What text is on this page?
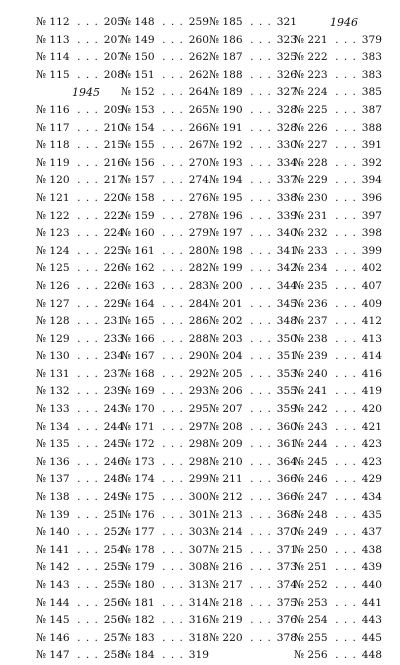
№ 112 . . . 205
№ 113 . . . 207
№ 114 . . . 207
№ 115 . . . 208
1945
№ 116 . . . 209
№ 117 . . . 210
№ 118 . . . 215
№ 119 . . . 216
№ 120 . . . 217
№ 121 . . . 220
№ 122 . . . 222
№ 123 . . . 224
№ 124 . . . 225
№ 125 . . . 226
№ 126 . . . 226
№ 127 . . . 229
№ 128 . . . 231
№ 129 . . . 233
№ 130 . . . 234
№ 131 . . . 237
№ 132 . . . 239
№ 133 . . . 243
№ 134 . . . 244
№ 135 . . . 245
№ 136 . . . 246
№ 137 . . . 248
№ 138 . . . 249
№ 139 . . . 251
№ 140 . . . 252
№ 141 . . . 254
№ 142 . . . 255
№ 143 . . . 255
№ 144 . . . 256
№ 145 . . . 256
№ 146 . . . 257
№ 147 . . . 258
№ 148 . . . 259
№ 149 . . . 260
№ 150 . . . 262
№ 151 . . . 262
№ 152 . . . 264
№ 153 . . . 265
№ 154 . . . 266
№ 155 . . . 267
№ 156 . . . 270
№ 157 . . . 274
№ 158 . . . 276
№ 159 . . . 278
№ 160 . . . 279
№ 161 . . . 280
№ 162 . . . 282
№ 163 . . . 283
№ 164 . . . 284
№ 165 . . . 286
№ 166 . . . 288
№ 167 . . . 290
№ 168 . . . 292
№ 169 . . . 293
№ 170 . . . 295
№ 171 . . . 297
№ 172 . . . 298
№ 173 . . . 298
№ 174 . . . 299
№ 175 . . . 300
№ 176 . . . 301
№ 177 . . . 303
№ 178 . . . 307
№ 179 . . . 308
№ 180 . . . 313
№ 181 . . . 314
№ 182 . . . 316
№ 183 . . . 318
№ 184 . . . 319
№ 185 . . . 321
№ 186 . . . 323
№ 187 . . . 325
№ 188 . . . 326
№ 189 . . . 327
№ 190 . . . 328
№ 191 . . . 328
№ 192 . . . 330
№ 193 . . . 334
№ 194 . . . 337
№ 195 . . . 338
№ 196 . . . 339
№ 197 . . . 340
№ 198 . . . 341
№ 199 . . . 342
№ 200 . . . 344
№ 201 . . . 345
№ 202 . . . 348
№ 203 . . . 350
№ 204 . . . 351
№ 205 . . . 353
№ 206 . . . 355
№ 207 . . . 359
№ 208 . . . 360
№ 209 . . . 361
№ 210 . . . 364
№ 211 . . . 366
№ 212 . . . 366
№ 213 . . . 368
№ 214 . . . 370
№ 215 . . . 371
№ 216 . . . 373
№ 217 . . . 374
№ 218 . . . 375
№ 219 . . . 376
№ 220 . . . 378
1946
№ 221 . . . 379
№ 222 . . . 383
№ 223 . . . 383
№ 224 . . . 385
№ 225 . . . 387
№ 226 . . . 388
№ 227 . . . 391
№ 228 . . . 392
№ 229 . . . 394
№ 230 . . . 396
№ 231 . . . 397
№ 232 . . . 398
№ 233 . . . 399
№ 234 . . . 402
№ 235 . . . 407
№ 236 . . . 409
№ 237 . . . 412
№ 238 . . . 413
№ 239 . . . 414
№ 240 . . . 416
№ 241 . . . 419
№ 242 . . . 420
№ 243 . . . 421
№ 244 . . . 423
№ 245 . . . 423
№ 246 . . . 429
№ 247 . . . 434
№ 248 . . . 435
№ 249 . . . 437
№ 250 . . . 438
№ 251 . . . 439
№ 252 . . . 440
№ 253 . . . 441
№ 254 . . . 443
№ 255 . . . 445
№ 256 . . . 448
